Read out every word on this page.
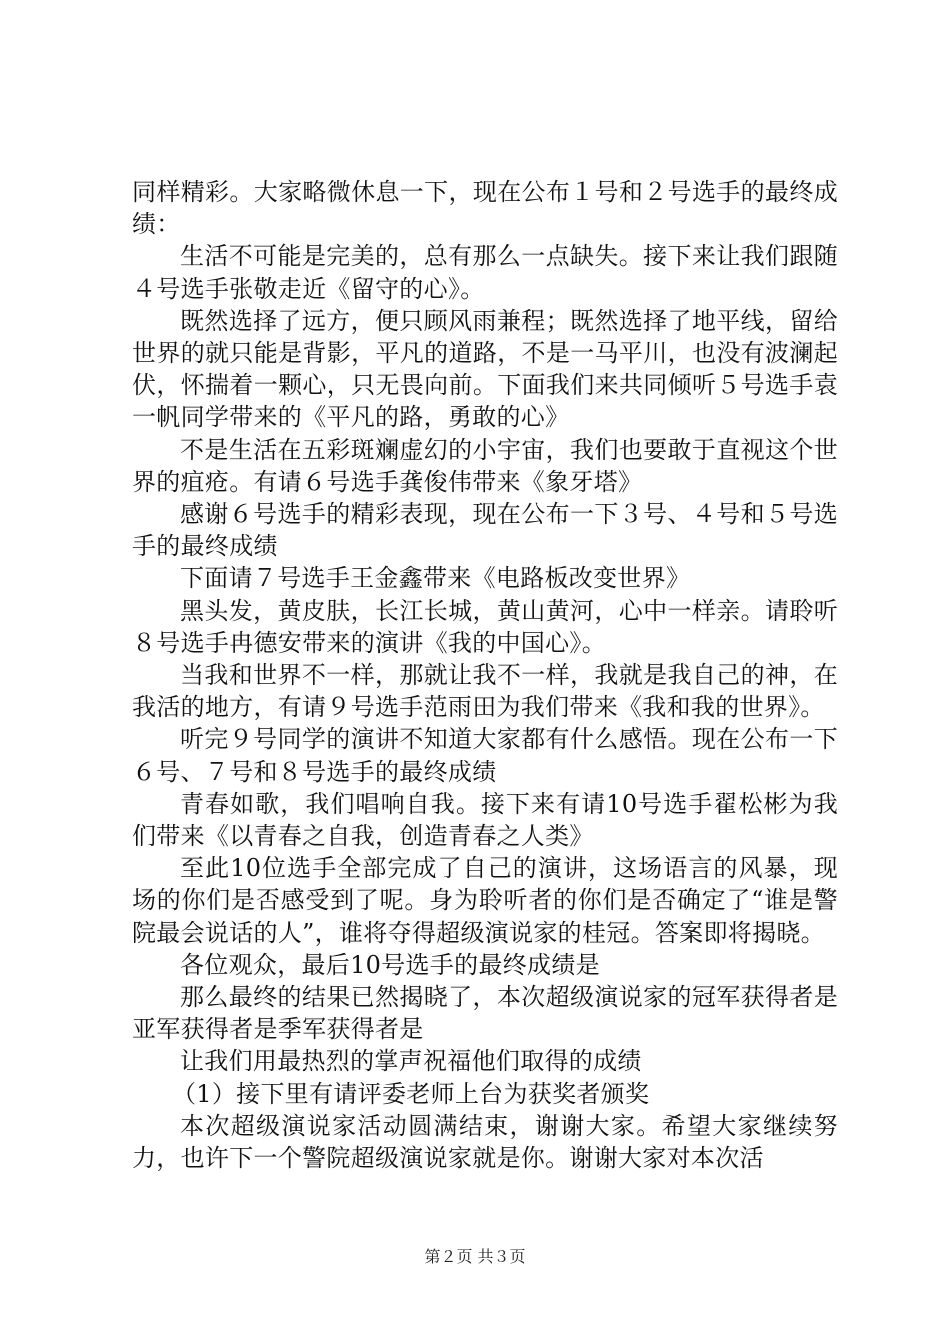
同样精彩。大家略微休息一下，现在公布１号和２号选手的最终成绩：

生活不可能是完美的，总有那么一点缺失。接下来让我们跟随４号选手张敬走近《留守的心》。

既然选择了远方，便只顾风雨兼程；既然选择了地平线，留给世界的就只能是背影，平凡的道路，不是一马平川，也没有波澜起伏，怀揣着一颗心，只无畏向前。下面我们来共同倾听５号选手袁一帆同学带来的《平凡的路，勇敢的心》

不是生活在五彩斑斓虚幻的小宇宙，我们也要敢于直视这个世界的疽疮。有请６号选手龚俊伟带来《象牙塔》

感谢６号选手的精彩表现，现在公布一下３号、４号和５号选手的最终成绩

下面请７号选手王金鑫带来《电路板改变世界》

黑头发，黄皮肤，长江长城，黄山黄河，心中一样亲。请聆听８号选手冉德安带来的演讲《我的中国心》。

当我和世界不一样，那就让我不一样，我就是我自己的神，在我活的地方，有请９号选手范雨田为我们带来《我和我的世界》。

听完９号同学的演讲不知道大家都有什么感悟。现在公布一下６号、７号和８号选手的最终成绩

青春如歌，我们唱响自我。接下来有请10号选手翟松彬为我们带来《以青春之自我，创造青春之人类》

至此10位选手全部完成了自己的演讲，这场语言的风暴，现场的你们是否感受到了呢。身为聆听者的你们是否确定了“谁是警院最会说话的人”，谁将夺得超级演说家的桂冠。答案即将揭晓。

各位观众，最后10号选手的最终成绩是

那么最终的结果已然揭晓了，本次超级演说家的冠军获得者是亚军获得者是季军获得者是

让我们用最热烈的掌声祝福他们取得的成绩

（1）接下里有请评委老师上台为获奖者颁奖

本次超级演说家活动圆满结束，谢谢大家。希望大家继续努力，也许下一个警院超级演说家就是你。谢谢大家对本次活

第２页 共３页
